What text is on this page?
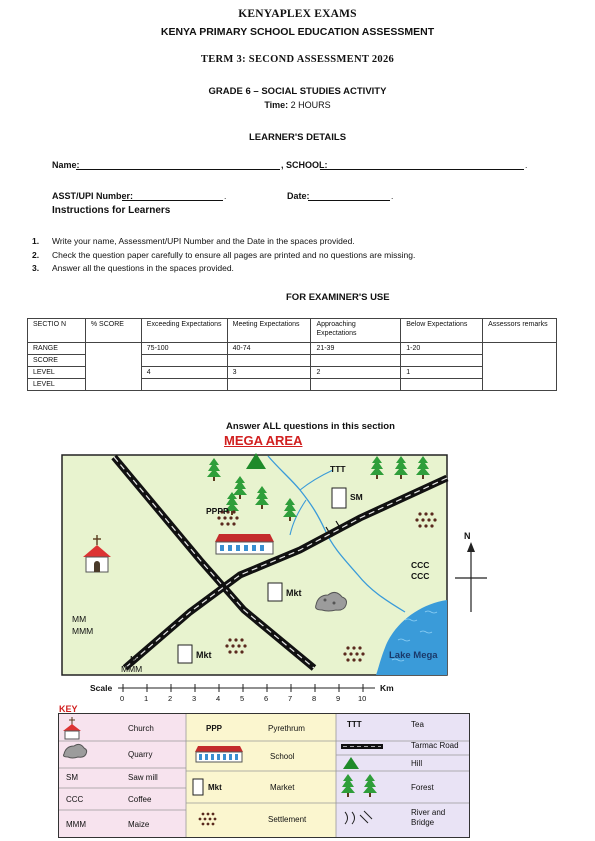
KENYAPLEX EXAMS
KENYA PRIMARY SCHOOL EDUCATION ASSESSMENT
TERM 3: SECOND ASSESSMENT 2026
GRADE 6 – SOCIAL STUDIES ACTIVITY
Time: 2 HOURS
LEARNER'S DETAILS
Name:	, SCHOOL:	.
ASST/UPI Number:	.	Date:	.
Instructions for Learners
1. Write your name, Assessment/UPI Number and the Date in the spaces provided.
2. Check the question paper carefully to ensure all pages are printed and no questions are missing.
3. Answer all the questions in the spaces provided.
FOR EXAMINER'S USE
SECTIO N	% SCORE	Exceeding Expectations	Meeting Expectations	Approaching Expectations	Below Expectations	Assessors remarks
RANGE		75-100	40-74	21-39	1-20	
SCORE						
LEVEL		4	3	2	1	
LEVEL						
Answer ALL questions in this section
MEGA AREA
TTT
SM
PPPP
CCC
CCC
Mkt
Mkt
MM
MMM
M
MMM
Lake Mega
N
Scale	Km
0	1	2	3	4	5	6	7	8	9 10
KEY
Church
Quarry
SM	Saw mill
CCC	Coffee
MMM	Maize
PPP	Pyrethrum
School
Mkt	Market
Settlement
TTT	Tea
Tarmac Road
Hill
Forest
River and Bridge
